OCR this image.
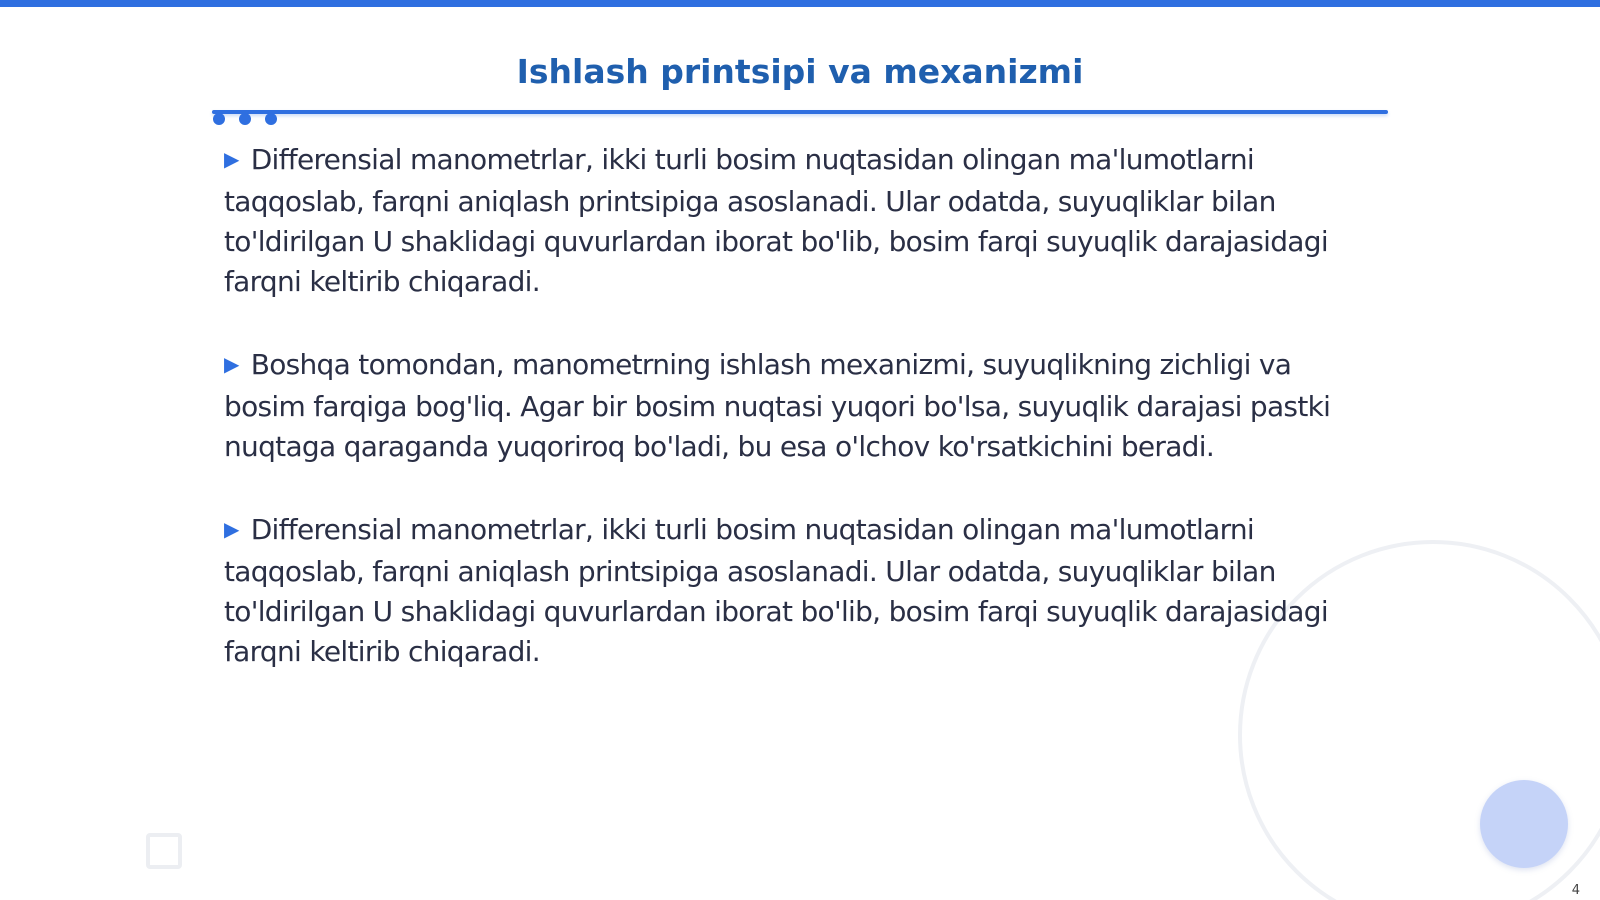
Ishlash printsipi va mexanizmi

▶ Differensial manometrlar, ikki turli bosim nuqtasidan olingan ma'lumotlarni taqqoslab, farqni aniqlash printsipiga asoslanadi. Ular odatda, suyuqliklar bilan to'ldirilgan U shaklidagi quvurlardan iborat bo'lib, bosim farqi suyuqlik darajasidagi farqni keltirib chiqaradi.

▶ Boshqa tomondan, manometrning ishlash mexanizmi, suyuqlikning zichligi va bosim farqiga bog'liq. Agar bir bosim nuqtasi yuqori bo'lsa, suyuqlik darajasi pastki nuqtaga qaraganda yuqoriroq bo'ladi, bu esa o'lchov ko'rsatkichini beradi.

▶ Differensial manometrlar, ikki turli bosim nuqtasidan olingan ma'lumotlarni taqqoslab, farqni aniqlash printsipiga asoslanadi. Ular odatda, suyuqliklar bilan to'ldirilgan U shaklidagi quvurlardan iborat bo'lib, bosim farqi suyuqlik darajasidagi farqni keltirib chiqaradi.

4
